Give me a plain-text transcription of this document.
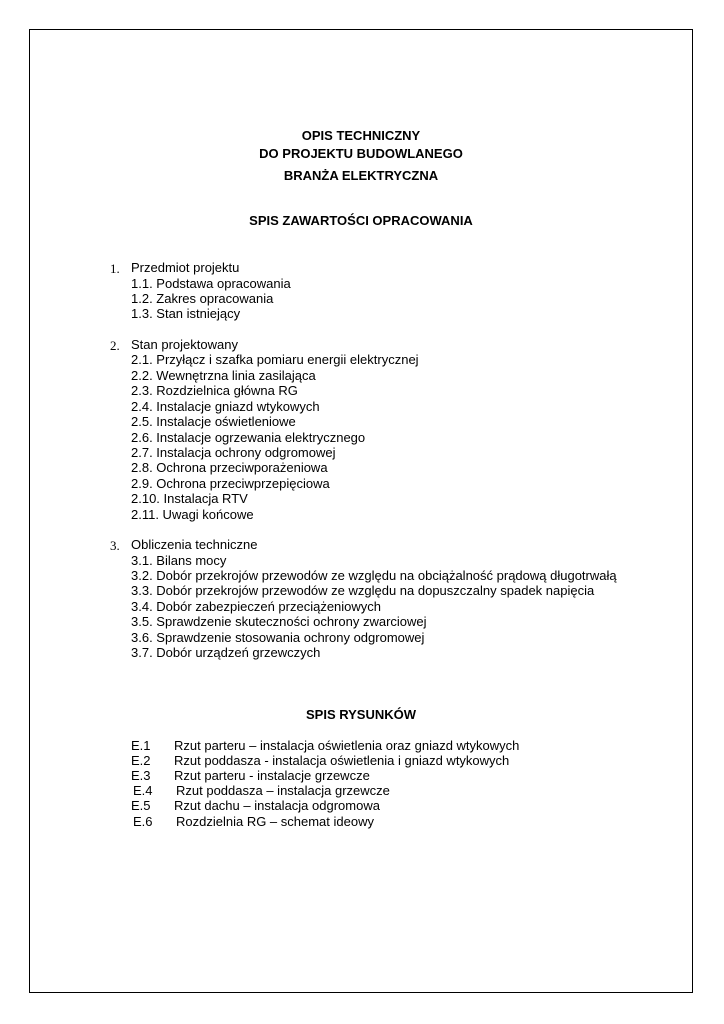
OPIS TECHNICZNY
DO PROJEKTU BUDOWLANEGO
BRANŻA ELEKTRYCZNA
SPIS ZAWARTOŚCI OPRACOWANIA
1. Przedmiot projektu
1.1. Podstawa opracowania
1.2. Zakres opracowania
1.3. Stan istniejący
2. Stan projektowany
2.1. Przyłącz i szafka pomiaru energii elektrycznej
2.2. Wewnętrzna linia zasilająca
2.3. Rozdzielnica główna RG
2.4. Instalacje gniazd wtykowych
2.5. Instalacje oświetleniowe
2.6. Instalacje ogrzewania elektrycznego
2.7. Instalacja ochrony odgromowej
2.8. Ochrona przeciwporażeniowa
2.9. Ochrona przeciwprzepięciowa
2.10. Instalacja RTV
2.11. Uwagi końcowe
3. Obliczenia techniczne
3.1. Bilans mocy
3.2. Dobór przekrojów przewodów ze względu na obciążalność prądową długotrwałą
3.3. Dobór przekrojów przewodów ze względu na dopuszczalny spadek napięcia
3.4. Dobór zabezpieczeń przeciążeniowych
3.5. Sprawdzenie skuteczności ochrony zwarciowej
3.6. Sprawdzenie stosowania ochrony odgromowej
3.7. Dobór urządzeń grzewczych
SPIS RYSUNKÓW
E.1 Rzut parteru – instalacja oświetlenia oraz gniazd wtykowych
E.2 Rzut poddasza - instalacja oświetlenia i gniazd wtykowych
E.3 Rzut parteru - instalacje grzewcze
E.4 Rzut poddasza – instalacja grzewcze
E.5 Rzut dachu – instalacja odgromowa
E.6 Rozdzielnia RG – schemat ideowy
